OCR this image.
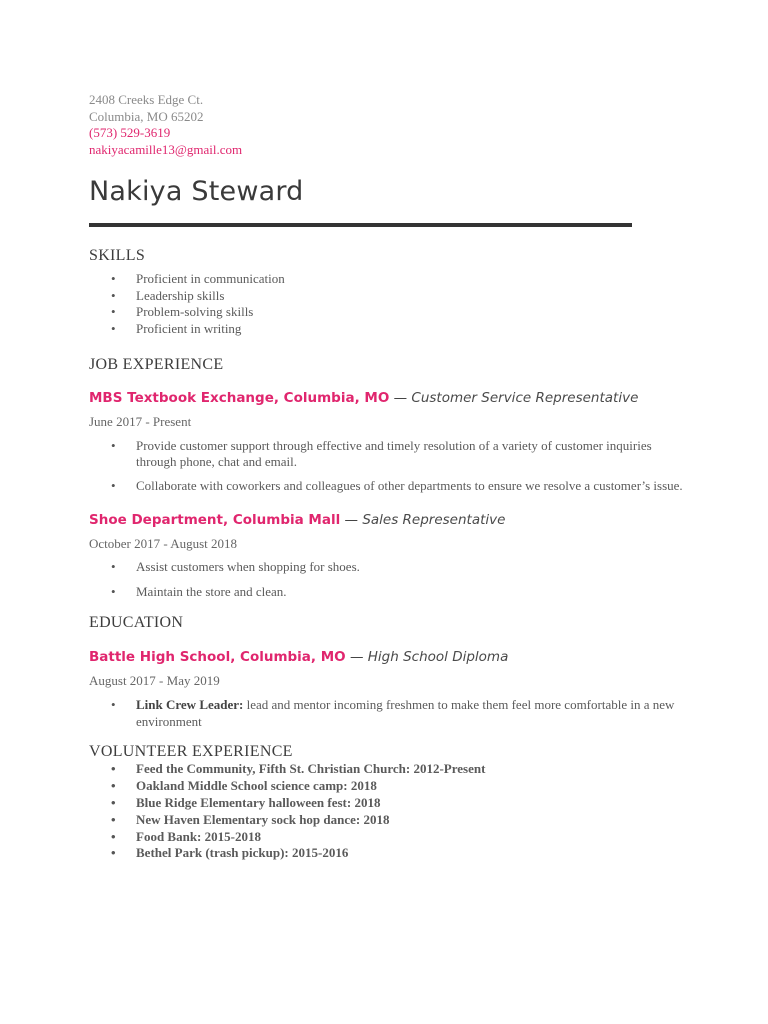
2408 Creeks Edge Ct.
Columbia, MO 65202
(573) 529-3619
nakiyacamille13@gmail.com
Nakiya Steward
SKILLS
• Proficient in communication
• Leadership skills
• Problem-solving skills
• Proficient in writing
JOB EXPERIENCE
MBS Textbook Exchange, Columbia, MO — Customer Service Representative
June 2017 - Present
• Provide customer support through effective and timely resolution of a variety of customer inquiries through phone, chat and email.
• Collaborate with coworkers and colleagues of other departments to ensure we resolve a customer’s issue.
Shoe Department, Columbia Mall — Sales Representative
October 2017 - August 2018
• Assist customers when shopping for shoes.
• Maintain the store and clean.
EDUCATION
Battle High School, Columbia, MO — High School Diploma
August 2017 - May 2019
• Link Crew Leader: lead and mentor incoming freshmen to make them feel more comfortable in a new environment
VOLUNTEER EXPERIENCE
• Feed the Community, Fifth St. Christian Church: 2012-Present
• Oakland Middle School science camp: 2018
• Blue Ridge Elementary halloween fest: 2018
• New Haven Elementary sock hop dance: 2018
• Food Bank: 2015-2018
• Bethel Park (trash pickup): 2015-2016
